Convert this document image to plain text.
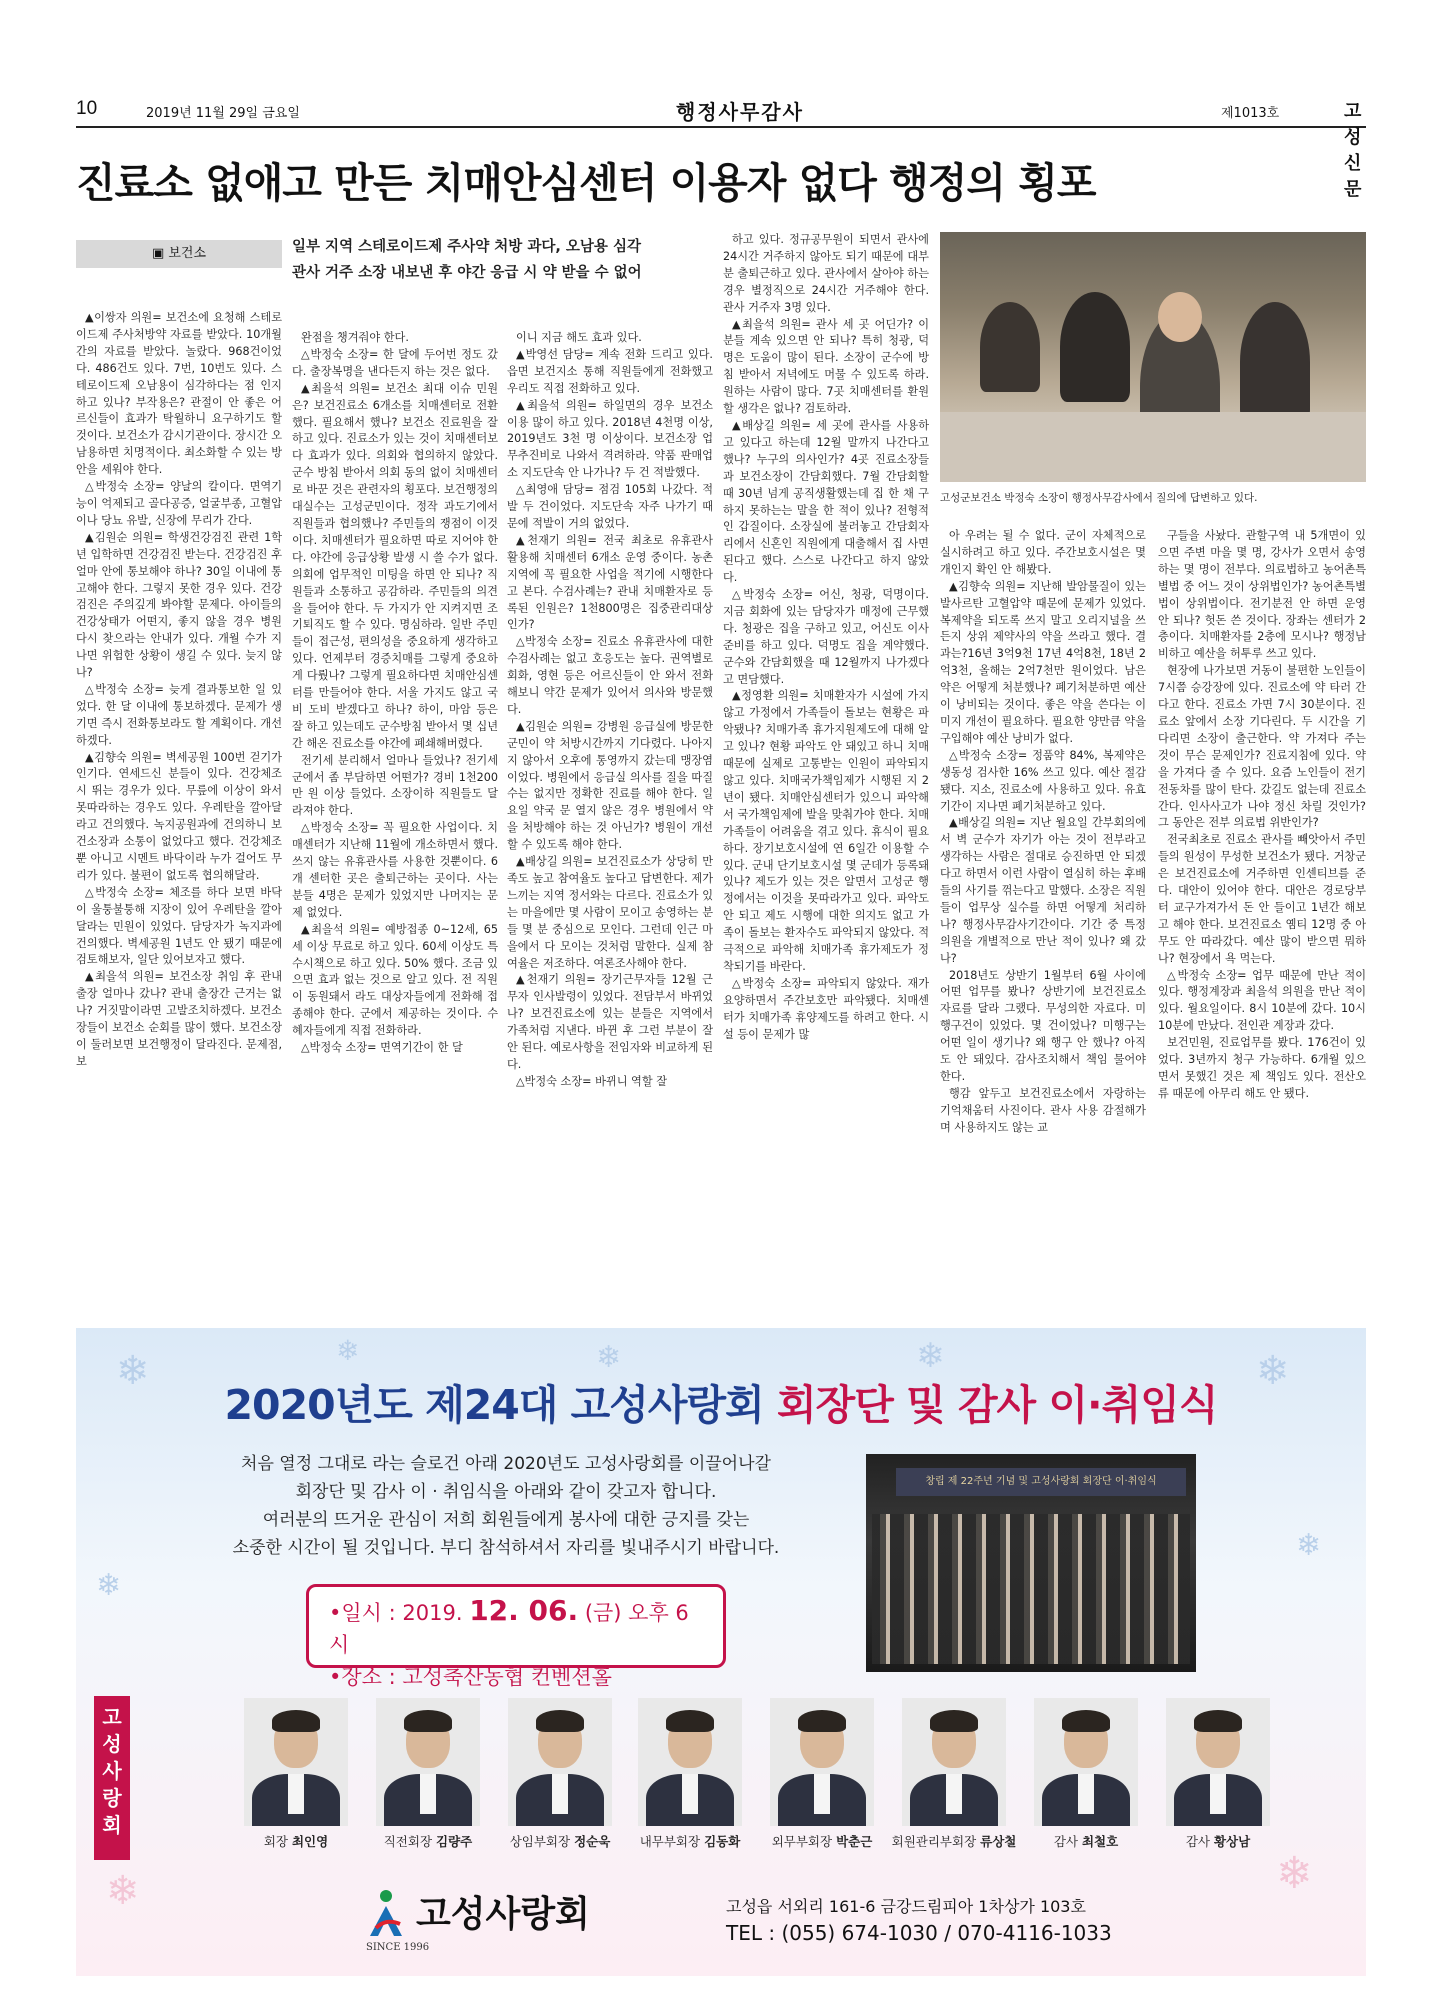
10	2019년 11월 29일 금요일	행정사무감사	제1013호	고성신문
진료소 없애고 만든 치매안심센터 이용자 없다 행정의 횡포
▣ 보건소	일부 지역 스테로이드제 주사약 처방 과다, 오남용 심각
관사 거주 소장 내보낸 후 야간 응급 시 약 받을 수 없어

▲이쌍자 의원= 보건소에 요청해 스테로이드제 주사처방약 자료를 받았다. 10개월간의 자료를 받았다. 놀랐다. 968건이었다. 486건도 있다. 7번, 10번도 있다. 스테로이드제 오남용이 심각하다는 점 인지하고 있나? 부작용은? 관절이 안 좋은 어르신들이 효과가 탁월하니 요구하기도 할 것이다. 보건소가 감시기관이다. 장시간 오남용하면 치명적이다. 최소화할 수 있는 방안을 세워야 한다.

△박정숙 소장= 양날의 칼이다. 면역기능이 억제되고 골다공증, 얼굴부종, 고혈압이나 당뇨 유발, 신장에 무리가 간다.

▲김원순 의원= 학생건강검진 관련 1학년 입학하면 건강검진 받는다. 건강검진 후 얼마 안에 통보해야 하나? 30일 이내에 통고해야 한다. 그렇지 못한 경우 있다. 건강검진은 주의깊게 봐야할 문제다. 아이들의 건강상태가 어떤지, 좋지 않을 경우 병원 다시 찾으라는 안내가 있다. 개월 수가 지나면 위험한 상황이 생길 수 있다. 늦지 않나?

△박정숙 소장= 늦게 결과통보한 일 있었다. 한 달 이내에 통보하겠다. 문제가 생기면 즉시 전화통보라도 할 계획이다. 개선하겠다.

▲김향숙 의원= 벽세공원 100번 걷기가 인기다. 연세드신 분들이 있다. 건강체조 시 뛰는 경우가 있다. 무릎에 이상이 와서 못따라하는 경우도 있다. 우레탄을 깔아달라고 건의했다. 녹지공원과에 건의하니 보건소장과 소통이 없었다고 했다. 건강체조뿐 아니고 시멘트 바닥이라 누가 걸어도 무리가 있다. 불편이 없도록 협의해달라.

△박정숙 소장= 체조를 하다 보면 바닥이 울퉁불퉁해 지장이 있어 우레탄을 깔아달라는 민원이 있었다. 담당자가 녹지과에 건의했다. 벽세공원 1년도 안 됐기 때문에 검토해보자, 일단 있어보자고 했다.

▲최을석 의원= 보건소장 취임 후 관내 출장 얼마나 갔나? 관내 출장간 근거는 없나? 거짓말이라면 고발조치하겠다. 보건소장들이 보건소 순회를 많이 했다. 보건소장이 둘러보면 보건행정이 달라진다. 문제점, 보

완점을 챙겨줘야 한다.

△박정숙 소장= 한 달에 두어번 정도 갔다. 출장복명을 낸다든지 하는 것은 없다.

▲최을석 의원= 보건소 최대 이슈 민원은? 보건진료소 6개소를 치매센터로 전환했다. 필요해서 했나? 보건소 진료원을 잘 하고 있다. 진료소가 있는 것이 치매센터보다 효과가 있다. 의회와 협의하지 않았다. 군수 방침 받아서 의회 동의 없이 치매센터로 바꾼 것은 관련자의 횡포다. 보건행정의 대실수는 고성군민이다. 정작 과도기에서 직원들과 협의했나? 주민들의 쟁점이 이것이다. 치매센터가 필요하면 따로 지어야 한다. 야간에 응급상황 발생 시 쓸 수가 없다. 의회에 업무적인 미팅을 하면 안 되나? 직원들과 소통하고 공감하라. 주민들의 의견을 들어야 한다. 두 가지가 안 지켜지면 조기퇴직도 할 수 있다. 명심하라. 일반 주민들이 접근성, 편의성을 중요하게 생각하고 있다. 언제부터 경증치매를 그렇게 중요하게 다뤘나? 그렇게 필요하다면 치매안심센터를 만들어야 한다. 서울 가지도 않고 국비 도비 받겠다고 하나? 하이, 마암 등은 잘 하고 있는데도 군수방침 받아서 몇 십년 간 해온 진료소를 야간에 폐쇄해버렸다.

전기세 분리해서 얼마나 들었나? 전기세 군에서 좀 부담하면 어떤가? 경비 1천200만 원 이상 들었다. 소장이하 직원들도 달라져야 한다.

△박정숙 소장= 꼭 필요한 사업이다. 치매센터가 지난해 11월에 개소하면서 했다. 쓰지 않는 유휴관사를 사용한 것뿐이다. 6개 센터한 곳은 출퇴근하는 곳이다. 사는 분들 4명은 문제가 있었지만 나머지는 문제 없었다.

▲최을석 의원= 예방접종 0~12세, 65세 이상 무료로 하고 있다. 60세 이상도 특수시책으로 하고 있다. 50% 했다. 조금 있으면 효과 없는 것으로 알고 있다. 전 직원이 동원돼서 라도 대상자들에게 전화해 접종해야 한다. 군에서 제공하는 것이다. 수혜자들에게 직접 전화하라.

△박정숙 소장= 면역기간이 한 달

이니 지금 해도 효과 있다.

▲박영선 담당= 계속 전화 드리고 있다. 읍면 보건지소 통해 직원들에게 전화했고 우리도 직접 전화하고 있다.

▲최을석 의원= 하일면의 경우 보건소 이용 많이 하고 있다. 2018년 4천명 이상, 2019년도 3천 명 이상이다. 보건소장 업무추진비로 나와서 격려하라. 약품 판매업소 지도단속 안 나가나? 두 건 적발했다.

△최영애 담당= 점검 105회 나갔다. 적발 두 건이었다. 지도단속 자주 나가기 때문에 적발이 거의 없었다.

▲천재기 의원= 전국 최초로 유휴관사 활용해 치매센터 6개소 운영 중이다. 농촌지역에 꼭 필요한 사업을 적기에 시행한다고 본다. 수검사례는? 관내 치매환자로 등록된 인원은? 1천800명은 집중관리대상인가?

△박정숙 소장= 진료소 유휴관사에 대한 수검사례는 없고 호응도는 높다. 권역별로 회화, 영현 등은 어르신들이 안 와서 전화해보니 약간 문제가 있어서 의사와 방문했다.

▲김원순 의원= 강병원 응급실에 방문한 군민이 약 처방시간까지 기다렸다. 나아지지 않아서 오후에 통영까지 갔는데 맹장염이었다. 병원에서 응급실 의사를 질을 따질 수는 없지만 정확한 진료를 해야 한다. 일요일 약국 문 열지 않은 경우 병원에서 약을 처방해야 하는 것 아닌가? 병원이 개선할 수 있도록 해야 한다.

▲배상길 의원= 보건진료소가 상당히 만족도 높고 참여율도 높다고 답변한다. 제가 느끼는 지역 정서와는 다르다. 진료소가 있는 마을에만 몇 사람이 모이고 송영하는 분들 몇 분 중심으로 모인다. 그런데 인근 마을에서 다 모이는 것처럼 말한다. 실제 참여율은 저조하다. 여론조사해야 한다.

▲천재기 의원= 장기근무자들 12월 근무자 인사발령이 있었다. 전담부서 바뀌었나? 보건진료소에 있는 분들은 지역에서 가족처럼 지낸다. 바뀐 후 그런 부분이 잘 안 된다. 예로사항을 전임자와 비교하게 된다.

△박정숙 소장= 바뀌니 역할 잘

하고 있다. 정규공무원이 되면서 관사에 24시간 거주하지 않아도 되기 때문에 대부분 출퇴근하고 있다. 관사에서 살아야 하는 경우 별정직으로 24시간 거주해야 한다. 관사 거주자 3명 있다.

▲최을석 의원= 관사 세 곳 어딘가? 이 분들 계속 있으면 안 되나? 특히 청광, 덕명은 도움이 많이 된다. 소장이 군수에 방침 받아서 저녁에도 머물 수 있도록 하라. 원하는 사람이 많다. 7곳 치매센터를 환원할 생각은 없나? 검토하라.

▲배상길 의원= 세 곳에 관사를 사용하고 있다고 하는데 12월 말까지 나간다고 했나? 누구의 의사인가? 4곳 진료소장들과 보건소장이 간담회했다. 7월 간담회할 때 30년 넘게 공직생활했는데 집 한 채 구하지 못하는는 말을 한 적이 있나? 전형적인 갑질이다. 소장실에 불러놓고 간담회자리에서 신혼인 직원에게 대출해서 집 사면 된다고 했다. 스스로 나간다고 하지 않았다.

△박정숙 소장= 어신, 청광, 덕명이다. 지금 회화에 있는 담당자가 매정에 근무했다. 청광은 집을 구하고 있고, 어신도 이사 준비를 하고 있다. 덕명도 집을 계약했다. 군수와 간담회했을 때 12월까지 나가겠다고 면담했다.

▲정영환 의원= 치매환자가 시설에 가지 않고 가정에서 가족들이 돌보는 현황은 파악됐나? 치매가족 휴가지원제도에 대해 알고 있나? 현황 파악도 안 돼있고 하니 치매 때문에 실제로 고통받는 인원이 파악되지 않고 있다. 치매국가책임제가 시행된 지 2년이 됐다. 치매안심센터가 있으니 파악해서 국가책임제에 발을 맞춰가야 한다. 치매가족들이 어려움을 겪고 있다. 휴식이 필요하다. 장기보호시설에 연 6일간 이용할 수 있다. 군내 단기보호시설 몇 군데가 등록돼있나? 제도가 있는 것은 알면서 고성군 행정에서는 이것을 못따라가고 있다. 파악도 안 되고 제도 시행에 대한 의지도 없고 가족이 돌보는 환자수도 파악되지 않았다. 적극적으로 파악해 치매가족 휴가제도가 정착되기를 바란다.

△박정숙 소장= 파악되지 않았다. 재가요양하면서 주간보호만 파악됐다. 치매센터가 치매가족 휴양제도를 하려고 한다. 시설 등이 문제가 많

아 우려는 될 수 없다. 군이 자체적으로 실시하려고 하고 있다. 주간보호시설은 몇 개인지 확인 안 해봤다.

▲김향숙 의원= 지난해 발암물질이 있는 발사르탄 고혈압약 때문에 문제가 있었다. 복제약을 되도록 쓰지 말고 오리지널을 쓰든지 상위 제약사의 약을 쓰라고 했다. 결과는?16년 3억9천 17년 4억8천, 18년 2억3천, 올해는 2억7천만 원이었다. 남은 약은 어떻게 처분했나? 폐기처분하면 예산이 낭비되는 것이다. 좋은 약을 쓴다는 이미지 개선이 필요하다. 필요한 양만큼 약을 구입해야 예산 낭비가 없다.

△박정숙 소장= 정품약 84%, 복제약은 생동성 검사한 16% 쓰고 있다. 예산 절감됐다. 지소, 진료소에 사용하고 있다. 유효기간이 지나면 폐기처분하고 있다.

▲배상길 의원= 지난 월요일 간부회의에서 벽 군수가 자기가 아는 것이 전부라고 생각하는 사람은 절대로 승진하면 안 되겠다고 하면서 이런 사람이 열심히 하는 후배들의 사기를 꺾는다고 말했다. 소장은 직원들이 업무상 실수를 하면 어떻게 처리하나? 행정사무감사기간이다. 기간 중 특정 의원을 개별적으로 만난 적이 있나? 왜 갔나?

2018년도 상반기 1월부터 6월 사이에 어떤 업무를 봤나? 상반기에 보건진료소 자료를 달라 그랬다. 무성의한 자료다. 미행구건이 있었다. 몇 건이었나? 미행구는 어떤 일이 생기나? 왜 행구 안 했나? 아직도 안 돼있다. 감사조치해서 책임 물어야 한다.

행감 앞두고 보건진료소에서 자랑하는 기억채움터 사진이다. 관사 사용 감절해가며 사용하지도 않는 교

구들을 사놨다. 관할구역 내 5개면이 있으면 주변 마을 몇 명, 강사가 오면서 송영하는 몇 명이 전부다. 의료법하고 농어촌특별법 중 어느 것이 상위법인가? 농어촌특별법이 상위법이다. 전기분전 안 하면 운영 안 되나? 헛돈 쓴 것이다. 장좌는 센터가 2층이다. 치매환자를 2층에 모시나? 행정남비하고 예산을 허투루 쓰고 있다.

현장에 나가보면 거동이 불편한 노인들이 7시쯤 승강장에 있다. 진료소에 약 타러 간다고 한다. 진료소 가면 7시 30분이다. 진료소 앞에서 소장 기다린다. 두 시간을 기다리면 소장이 출근한다. 약 가져다 주는 것이 무슨 문제인가? 진료지침에 있다. 약을 가져다 줄 수 있다. 요즘 노인들이 전기전동차를 많이 탄다. 갔길도 없는데 진료소 간다. 인사사고가 나야 정신 차릴 것인가? 그 동안은 전부 의료법 위반인가?

전국최초로 진료소 관사를 빼앗아서 주민들의 원성이 무성한 보건소가 됐다. 거창군은 보건진료소에 거주하면 인센티브를 준다. 대안이 있어야 한다. 대안은 경로당부터 교구가져가서 돈 안 들이고 1년간 해보고 해야 한다. 보건진료소 옘티 12명 중 아무도 안 따라갔다. 예산 많이 받으면 뭐하나? 현장에서 욕 먹는다.

△박정숙 소장= 업무 때문에 만난 적이 있다. 행정계장과 최을석 의원을 만난 적이 있다. 월요일이다. 8시 10분에 갔다. 10시 10분에 만났다. 전인관 계장과 갔다.

보건민원, 진료업무를 봤다. 176건이 있었다. 3년까지 청구 가능하다. 6개월 있으면서 못했긴 것은 제 책임도 있다. 전산오류 때문에 아무리 해도 안 됐다.

고성군보건소 박정숙 소장이 행정사무감사에서 질의에 답변하고 있다.
❄	❄	❄	❄	❄
❄
❄
❄
❄
2020년도 제24대 고성사랑회 회장단 및 감사 이·취임식
처음 열정 그대로 라는 슬로건 아래 2020년도 고성사랑회를 이끌어나갈
회장단 및 감사 이 · 취임식을 아래와 같이 갖고자 합니다.
여러분의 뜨거운 관심이 저희 회원들에게 봉사에 대한 긍지를 갖는
소중한 시간이 될 것입니다. 부디 참석하셔서 자리를 빛내주시기 바랍니다.
•일시 : 2019. 12. 06. (금) 오후 6시
•장소 : 고성축산농협 컨벤션홀
창립 제 22주년 기념 및 고성사랑회 회장단 이·취임식
고성사랑회
회장 최인영	직전회장 김량주	상임부회장 정순욱	내무부회장 김동화	외무부회장 박춘근	회원관리부회장 류상철	감사 최철호	감사 황상남
고성사랑회
SINCE 1996
고성읍 서외리 161-6 금강드림피아 1차상가 103호
TEL : (055) 674-1030 / 070-4116-1033
